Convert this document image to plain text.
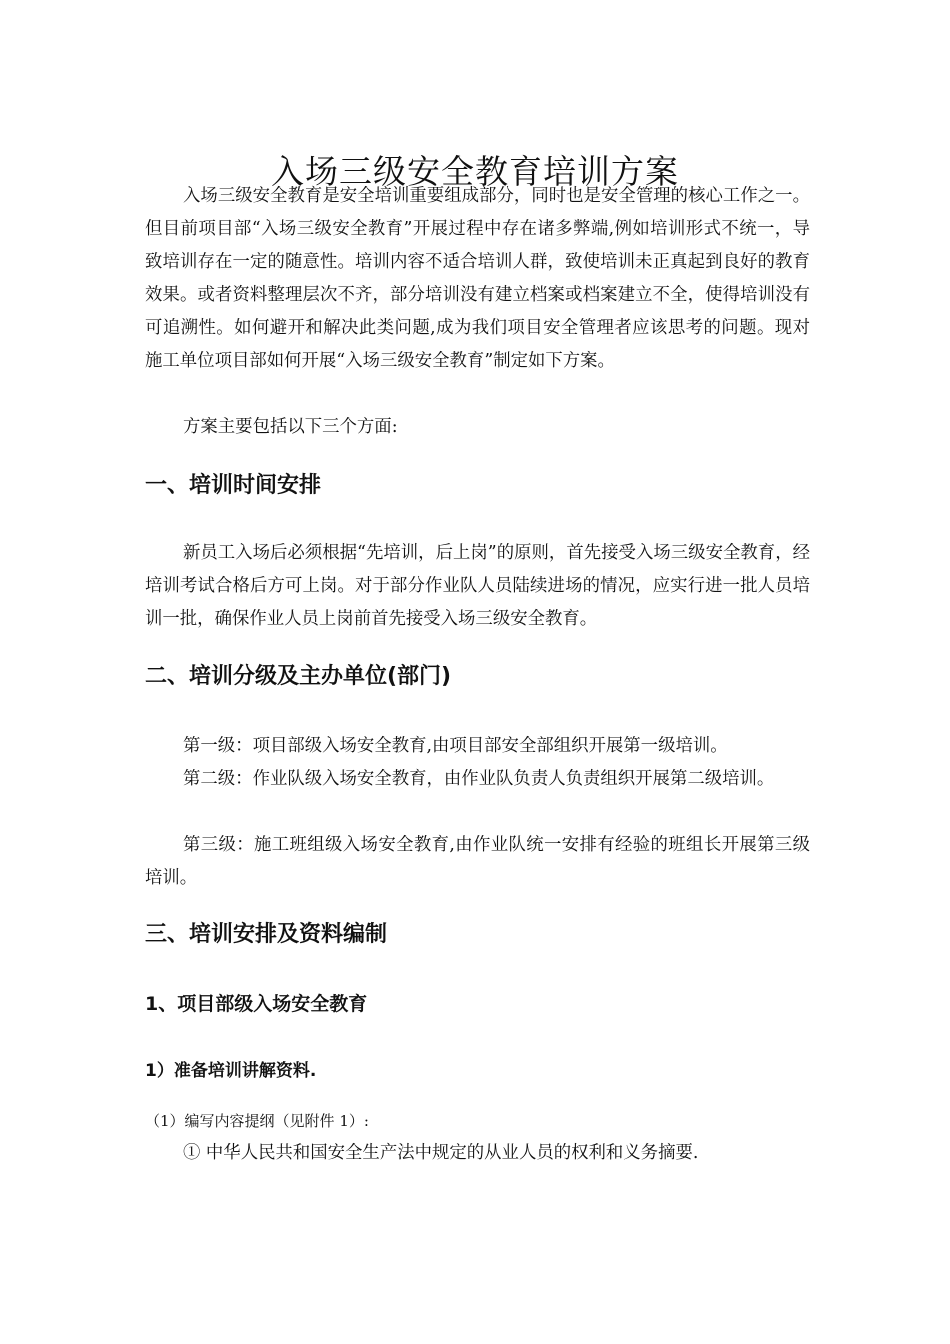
入场三级安全教育培训方案

入场三级安全教育是安全培训重要组成部分，同时也是安全管理的核心工作之一。但目前项目部“入场三级安全教育”开展过程中存在诸多弊端,例如培训形式不统一，导致培训存在一定的随意性。培训内容不适合培训人群，致使培训未正真起到良好的教育效果。或者资料整理层次不齐，部分培训没有建立档案或档案建立不全，使得培训没有可追溯性。如何避开和解决此类问题,成为我们项目安全管理者应该思考的问题。现对施工单位项目部如何开展“入场三级安全教育”制定如下方案。

方案主要包括以下三个方面:

一、培训时间安排

新员工入场后必须根据“先培训，后上岗”的原则，首先接受入场三级安全教育，经培训考试合格后方可上岗。对于部分作业队人员陆续进场的情况，应实行进一批人员培训一批，确保作业人员上岗前首先接受入场三级安全教育。

二、培训分级及主办单位(部门)

第一级：项目部级入场安全教育,由项目部安全部组织开展第一级培训。

第二级：作业队级入场安全教育，由作业队负责人负责组织开展第二级培训。

第三级：施工班组级入场安全教育,由作业队统一安排有经验的班组长开展第三级培训。

三、培训安排及资料编制
1、项目部级入场安全教育
1）准备培训讲解资料.

（1）编写内容提纲（见附件 1）:

① 中华人民共和国安全生产法中规定的从业人员的权利和义务摘要.
